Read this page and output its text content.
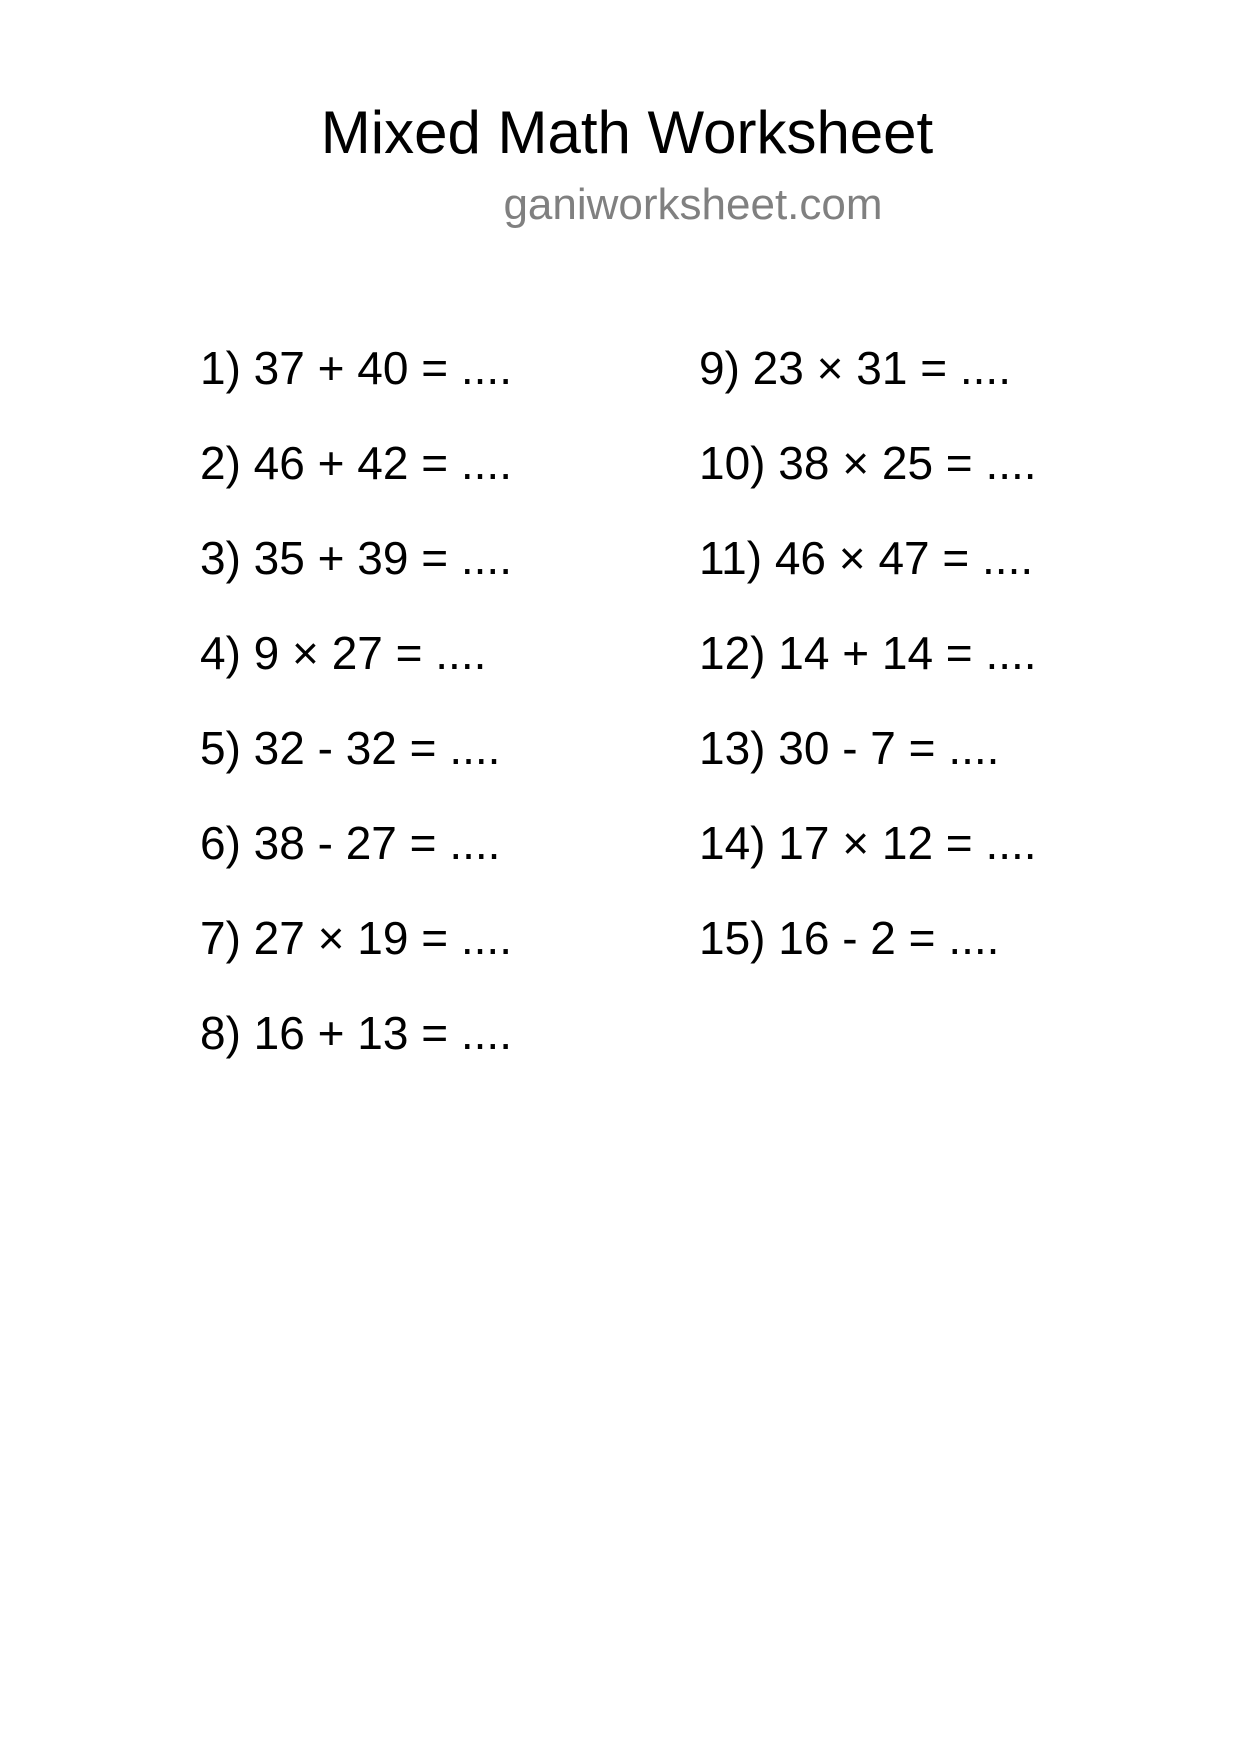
Mixed Math Worksheet
ganiworksheet.com
1) 37 + 40 = ....
2) 46 + 42 = ....
3) 35 + 39 = ....
4) 9 × 27 = ....
5) 32 - 32 = ....
6) 38 - 27 = ....
7) 27 × 19 = ....
8) 16 + 13 = ....
9) 23 × 31 = ....
10) 38 × 25 = ....
11) 46 × 47 = ....
12) 14 + 14 = ....
13) 30 - 7 = ....
14) 17 × 12 = ....
15) 16 - 2 = ....
